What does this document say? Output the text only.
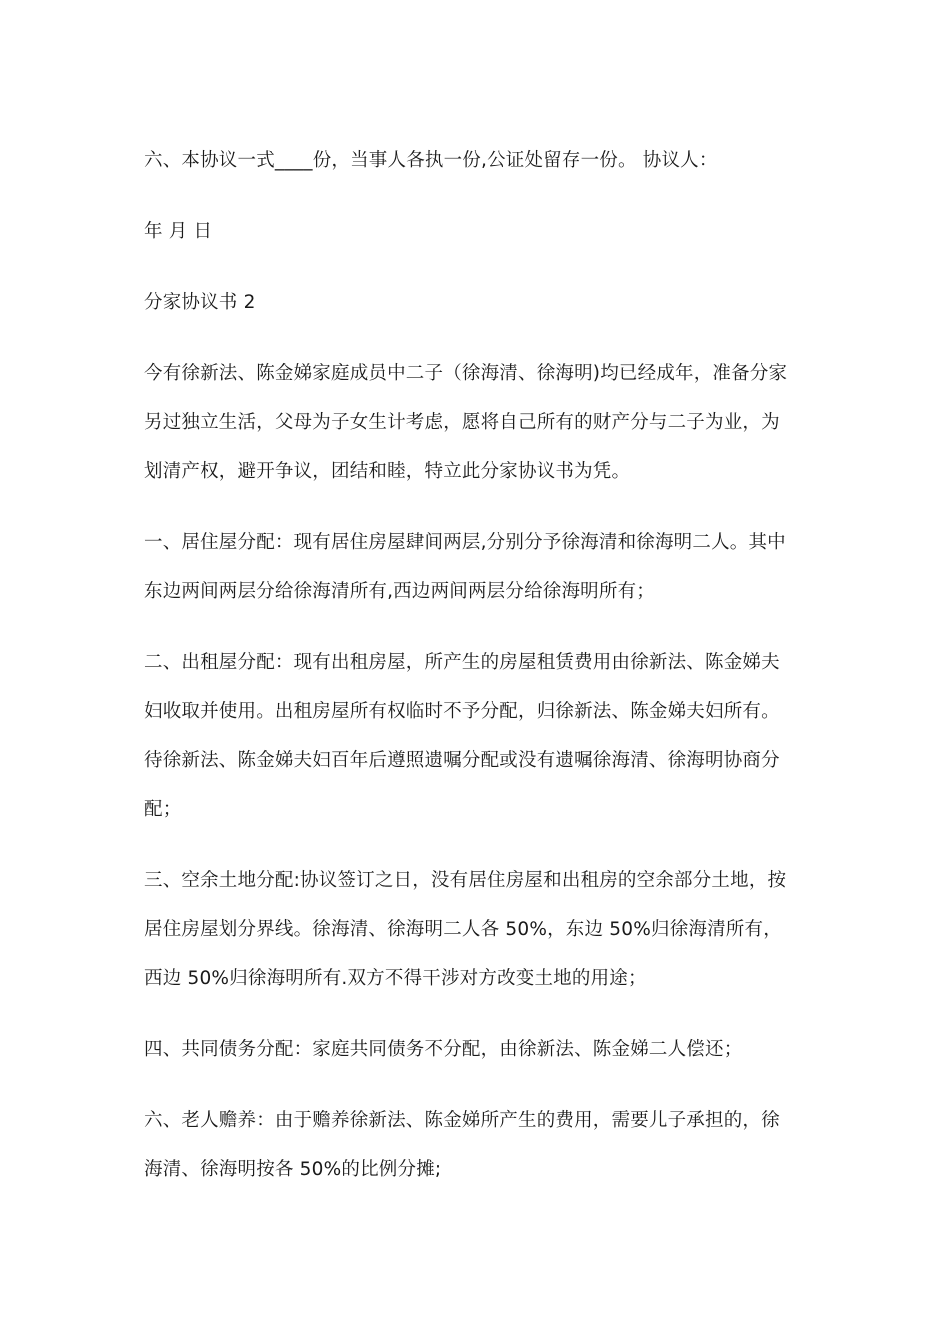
六、本协议一式____份，当事人各执一份,公证处留存一份。 协议人：

年 月 日

分家协议书 2

今有徐新法、陈金娣家庭成员中二子（徐海清、徐海明)均已经成年，准备分家
另过独立生活，父母为子女生计考虑，愿将自己所有的财产分与二子为业，为
划清产权，避开争议，团结和睦，特立此分家协议书为凭。

一、居住屋分配：现有居住房屋肆间两层,分别分予徐海清和徐海明二人。其中
东边两间两层分给徐海清所有,西边两间两层分给徐海明所有；

二、出租屋分配：现有出租房屋，所产生的房屋租赁费用由徐新法、陈金娣夫
妇收取并使用。出租房屋所有权临时不予分配，归徐新法、陈金娣夫妇所有。
待徐新法、陈金娣夫妇百年后遵照遗嘱分配或没有遗嘱徐海清、徐海明协商分
配；

三、空余土地分配:协议签订之日，没有居住房屋和出租房的空余部分土地，按
居住房屋划分界线。徐海清、徐海明二人各 50%，东边 50%归徐海清所有，
西边 50%归徐海明所有.双方不得干涉对方改变土地的用途；

四、共同债务分配：家庭共同债务不分配，由徐新法、陈金娣二人偿还；

六、老人赡养：由于赡养徐新法、陈金娣所产生的费用，需要儿子承担的，徐
海清、徐海明按各 50%的比例分摊;
